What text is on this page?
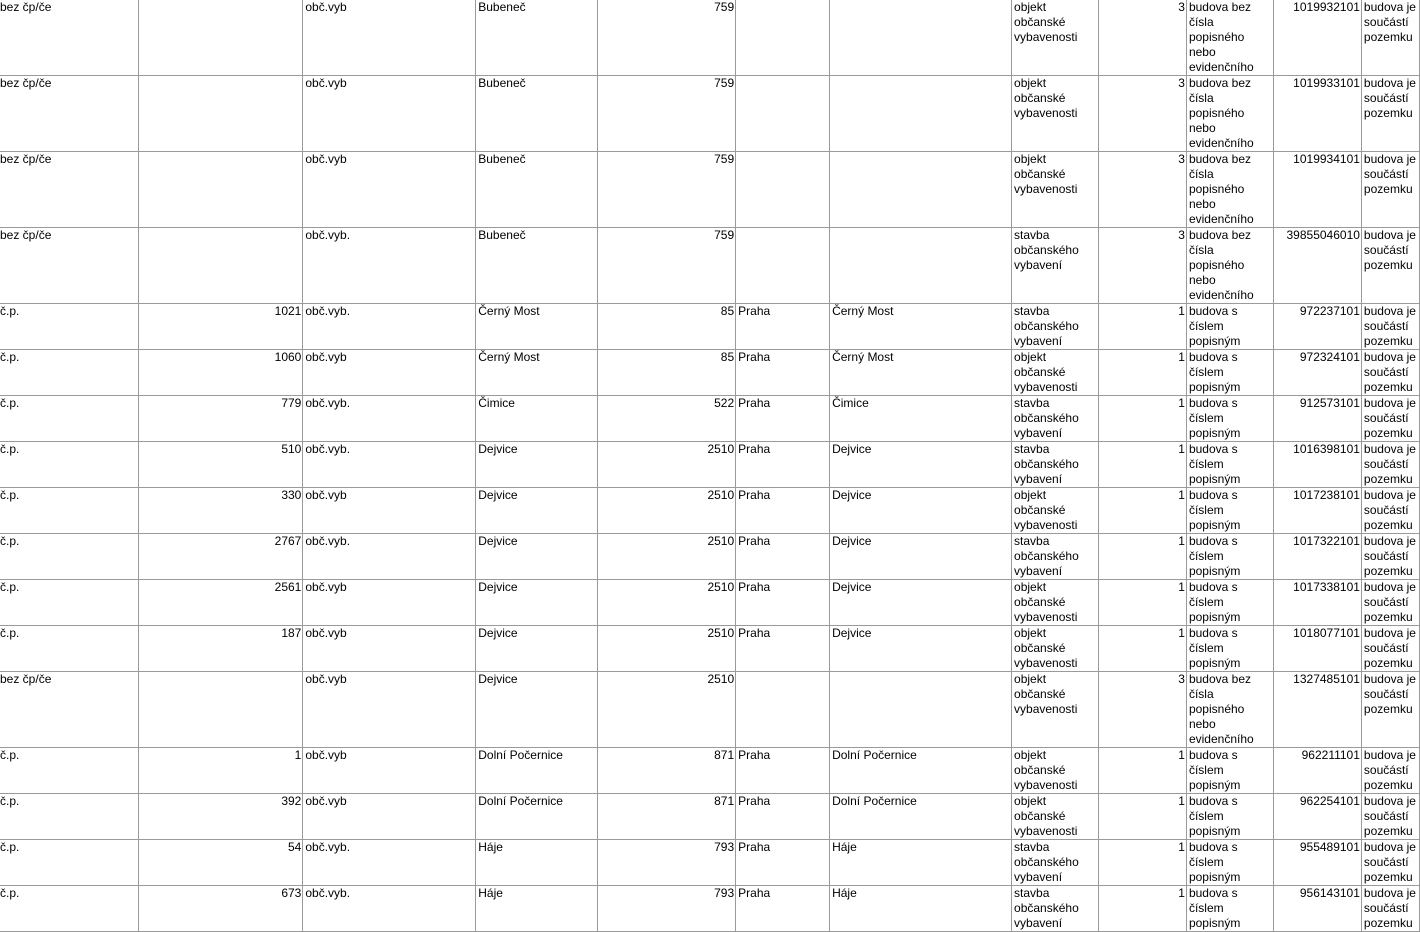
bez čp/če		obč.vyb	Bubeneč	759			objekt občanské vybavenosti	3	budova bez čísla popisného nebo evidenčního	1019932101	budova je součástí pozemku
bez čp/če		obč.vyb	Bubeneč	759			objekt občanské vybavenosti	3	budova bez čísla popisného nebo evidenčního	1019933101	budova je součástí pozemku
bez čp/če		obč.vyb	Bubeneč	759			objekt občanské vybavenosti	3	budova bez čísla popisného nebo evidenčního	1019934101	budova je součástí pozemku
bez čp/če		obč.vyb.	Bubeneč	759			stavba občanského vybavení	3	budova bez čísla popisného nebo evidenčního	39855046010	budova je součástí pozemku
č.p.	1021	obč.vyb.	Černý Most	85	Praha	Černý Most	stavba občanského vybavení	1	budova s číslem popisným	972237101	budova je součástí pozemku
č.p.	1060	obč.vyb	Černý Most	85	Praha	Černý Most	objekt občanské vybavenosti	1	budova s číslem popisným	972324101	budova je součástí pozemku
č.p.	779	obč.vyb.	Čimice	522	Praha	Čimice	stavba občanského vybavení	1	budova s číslem popisným	912573101	budova je součástí pozemku
č.p.	510	obč.vyb.	Dejvice	2510	Praha	Dejvice	stavba občanského vybavení	1	budova s číslem popisným	1016398101	budova je součástí pozemku
č.p.	330	obč.vyb	Dejvice	2510	Praha	Dejvice	objekt občanské vybavenosti	1	budova s číslem popisným	1017238101	budova je součástí pozemku
č.p.	2767	obč.vyb.	Dejvice	2510	Praha	Dejvice	stavba občanského vybavení	1	budova s číslem popisným	1017322101	budova je součástí pozemku
č.p.	2561	obč.vyb	Dejvice	2510	Praha	Dejvice	objekt občanské vybavenosti	1	budova s číslem popisným	1017338101	budova je součástí pozemku
č.p.	187	obč.vyb	Dejvice	2510	Praha	Dejvice	objekt občanské vybavenosti	1	budova s číslem popisným	1018077101	budova je součástí pozemku
bez čp/če		obč.vyb	Dejvice	2510			objekt občanské vybavenosti	3	budova bez čísla popisného nebo evidenčního	1327485101	budova je součástí pozemku
č.p.	1	obč.vyb	Dolní Počernice	871	Praha	Dolní Počernice	objekt občanské vybavenosti	1	budova s číslem popisným	962211101	budova je součástí pozemku
č.p.	392	obč.vyb	Dolní Počernice	871	Praha	Dolní Počernice	objekt občanské vybavenosti	1	budova s číslem popisným	962254101	budova je součástí pozemku
č.p.	54	obč.vyb.	Háje	793	Praha	Háje	stavba občanského vybavení	1	budova s číslem popisným	955489101	budova je součástí pozemku
č.p.	673	obč.vyb.	Háje	793	Praha	Háje	stavba občanského vybavení	1	budova s číslem popisným	956143101	budova je součástí pozemku
